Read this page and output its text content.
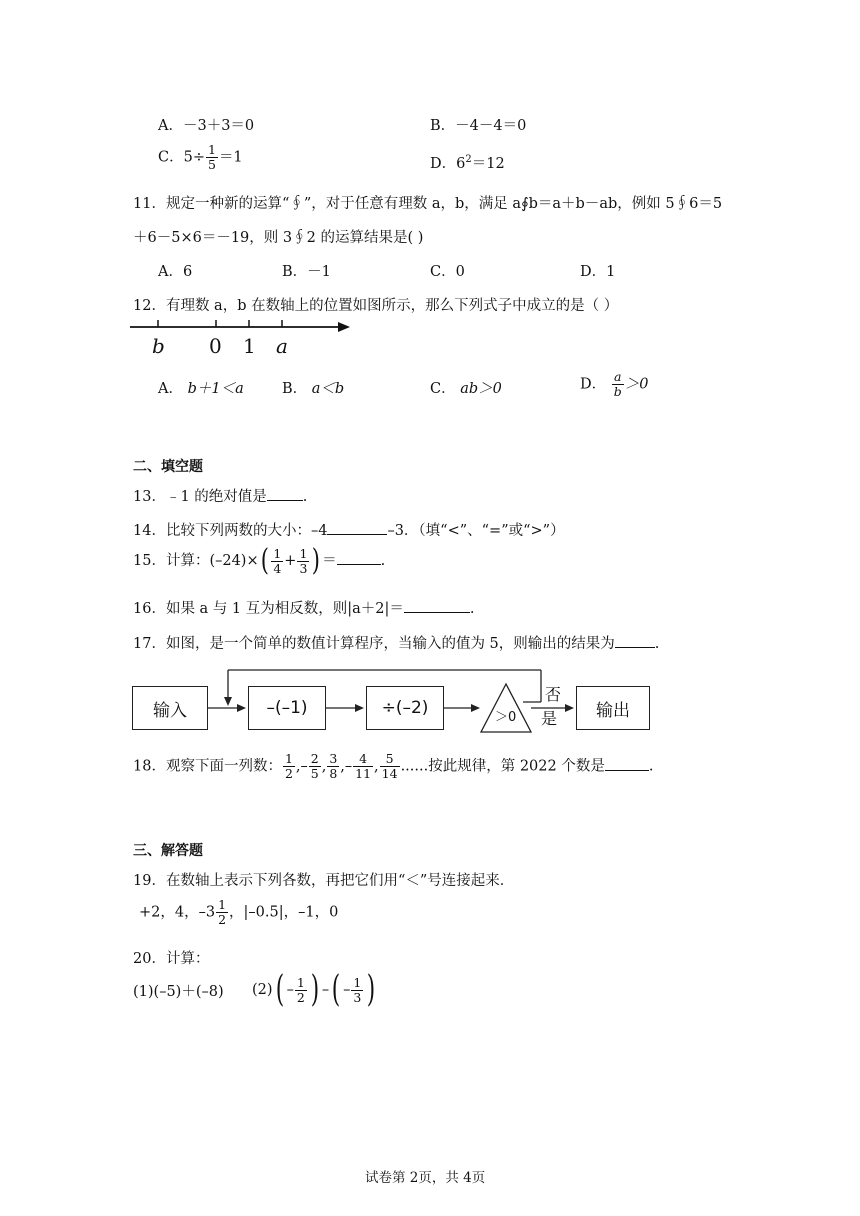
A．－3＋3＝0	B．－4－4＝0
C．$5\div \frac{1}{5} =1$	D．$6^2=12$
11．规定一种新的运算“∮”，对于任意有理数 a，b，满足 a∮b＝a＋b－ab，例如 5∮6＝5
＋6－5×6＝－19，则 3∮2 的运算结果是( )
A．6	B．－1	C．0	D．1
12．有理数 a，b 在数轴上的位置如图所示，那么下列式子中成立的是（ ）
b 0 1 a
A． b＋1＜a	B． a＜b	C． ab＞0	D． $\frac{a}{b} >0$
二、填空题
13．﹣1 的绝对值是 .
14．比较下列两数的大小：–4	–3．（填“<”、“=”或“>”）
15．计算：$(-24)\times( \frac{1}{4} + \frac{1}{3}$ ) ＝	.
16．如果 a 与 1 互为相反数，则|a＋2|＝	.
17．如图，是一个简单的数值计算程序，当输入的值为 5，则输出的结果为	.
输入	–(–1)	÷(–2)	＞0
否
是	输出
18．观察下面一列数： $\frac{1}{2}$ ,– $\frac{2}{5}$ , $\frac{3}{8}$ ,– $\frac{4}{11}$ , $\frac{5}{14}$ ......按此规律，第 2022 个数是	.
三、解答题
19．在数轴上表示下列各数，再把它们用“＜”号连接起来．
+2，4，$-3 \frac{1}{2}$ ，|–0.5|，–1，0
20．计算：
(1)(–5)＋(–8) $(2)( - \frac{1}{2}$ ) –( – $\frac{1}{3}$ )
试卷第 2页，共 4页
